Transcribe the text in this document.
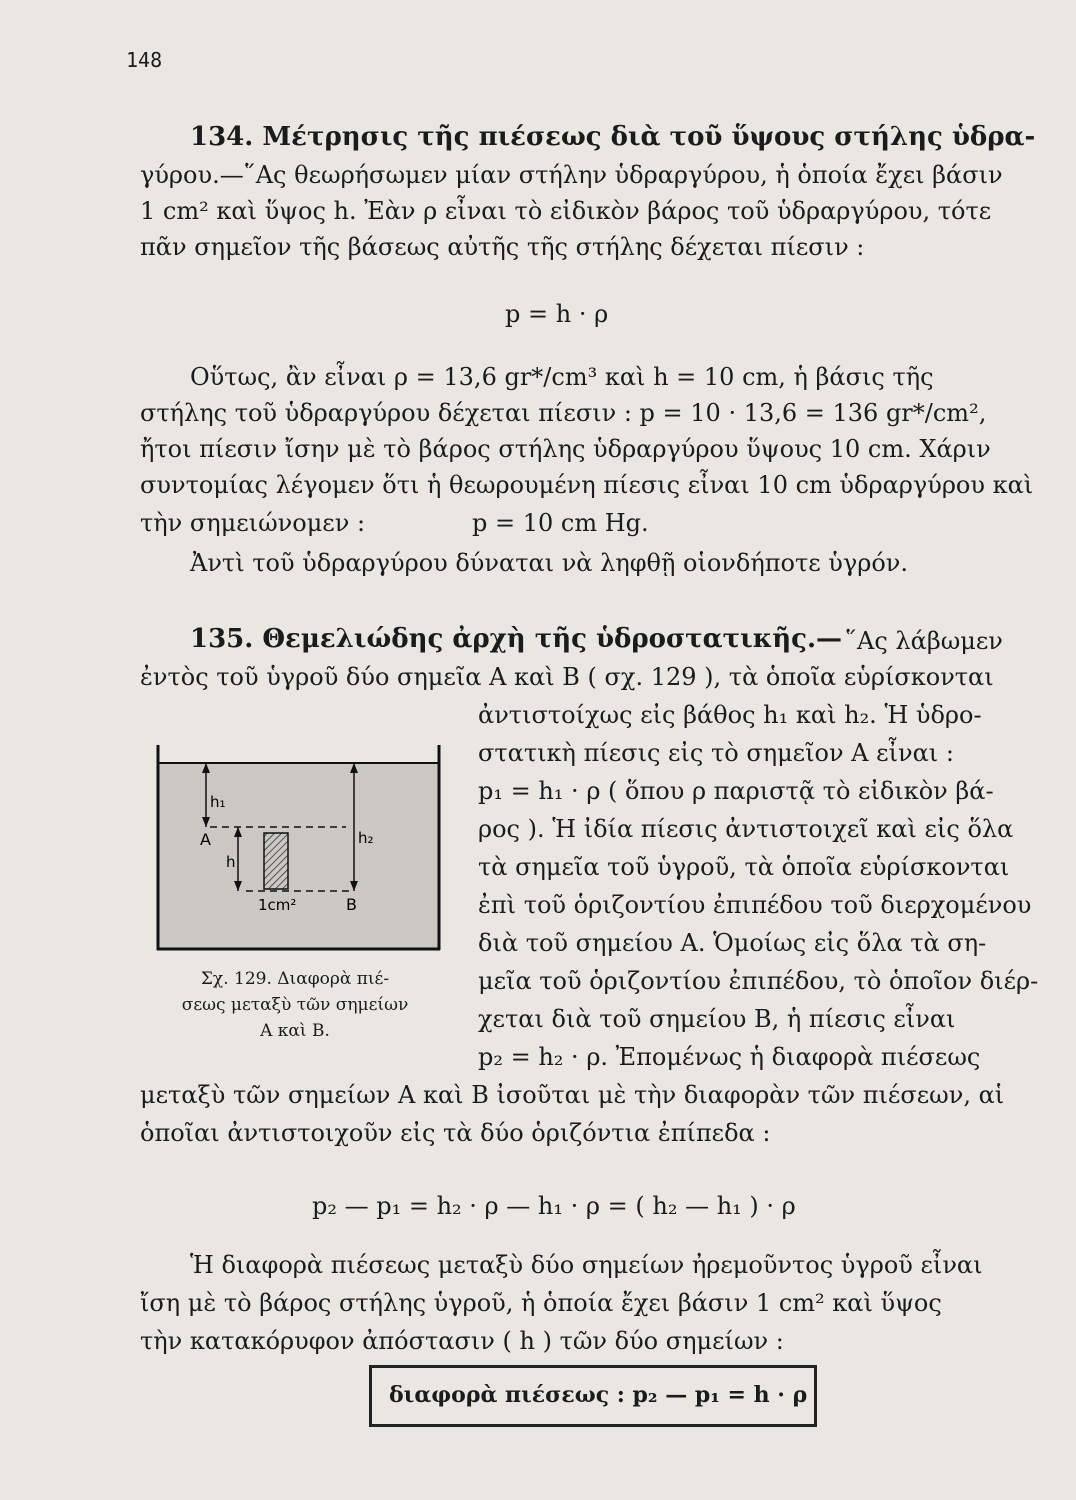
148
134. Μέτρησις τῆς πιέσεως διὰ τοῦ ὕψους στήλης ὑδρα-
γύρου.—῞Ας θεωρήσωμεν μίαν στήλην ὑδραργύρου, ἡ ὁποία ἔχει βάσιν
1 cm² καὶ ὕψος h. Ἐὰν ρ εἶναι τὸ εἰδικὸν βάρος τοῦ ὑδραργύρου, τότε
πᾶν σημεῖον τῆς βάσεως αὐτῆς τῆς στήλης δέχεται πίεσιν :
p = h · ρ
Οὕτως, ἂν εἶναι ρ = 13,6 gr*/cm³ καὶ h = 10 cm, ἡ βάσις τῆς
στήλης τοῦ ὑδραργύρου δέχεται πίεσιν : p = 10 · 13,6 = 136 gr*/cm²,
ἤτοι πίεσιν ἴσην μὲ τὸ βάρος στήλης ὑδραργύρου ὕψους 10 cm. Χάριν
συντομίας λέγομεν ὅτι ἡ θεωρουμένη πίεσις εἶναι 10 cm ὑδραργύρου καὶ
τὴν σημειώνομεν :	p = 10 cm Hg.
Ἀντὶ τοῦ ὑδραργύρου δύναται νὰ ληφθῇ οἱονδήποτε ὑγρόν.
135. Θεμελιώδης ἀρχὴ τῆς ὑδροστατικῆς.— ῞Ας λάβωμεν
ἐντὸς τοῦ ὑγροῦ δύο σημεῖα Α καὶ Β ( σχ. 129 ), τὰ ὁποῖα εὑρίσκονται
ἀντιστοίχως εἰς βάθος h₁ καὶ h₂. Ἡ ὑδρο-
στατικὴ πίεσις εἰς τὸ σημεῖον Α εἶναι :
p₁ = h₁ · ρ ( ὅπου ρ παριστᾷ τὸ εἰδικὸν βά-
ρος ). Ἡ ἰδία πίεσις ἀντιστοιχεῖ καὶ εἰς ὅλα
τὰ σημεῖα τοῦ ὑγροῦ, τὰ ὁποῖα εὑρίσκονται
ἐπὶ τοῦ ὁριζοντίου ἐπιπέδου τοῦ διερχομένου
διὰ τοῦ σημείου Α. Ὁμοίως εἰς ὅλα τὰ ση-
μεῖα τοῦ ὁριζοντίου ἐπιπέδου, τὸ ὁποῖον διέρ-
χεται διὰ τοῦ σημείου Β, ἡ πίεσις εἶναι
p₂ = h₂ · ρ. Ἐπομένως ἡ διαφορὰ πιέσεως
h₁
h₂
h
A
B
1cm²
Σχ. 129. Διαφορὰ πιέ-
σεως μεταξὺ τῶν σημείων
Α καὶ Β.
μεταξὺ τῶν σημείων Α καὶ Β ἰσοῦται μὲ τὴν διαφορὰν τῶν πιέσεων, αἱ
ὁποῖαι ἀντιστοιχοῦν εἰς τὰ δύο ὁριζόντια ἐπίπεδα :
p₂ — p₁ = h₂ · ρ — h₁ · ρ = ( h₂ — h₁ ) · ρ
Ἡ διαφορὰ πιέσεως μεταξὺ δύο σημείων ἠρεμοῦντος ὑγροῦ εἶναι
ἴση μὲ τὸ βάρος στήλης ὑγροῦ, ἡ ὁποία ἔχει βάσιν 1 cm² καὶ ὕψος
τὴν κατακόρυφον ἀπόστασιν ( h ) τῶν δύο σημείων :
διαφορὰ πιέσεως : p₂ — p₁ = h · ρ
